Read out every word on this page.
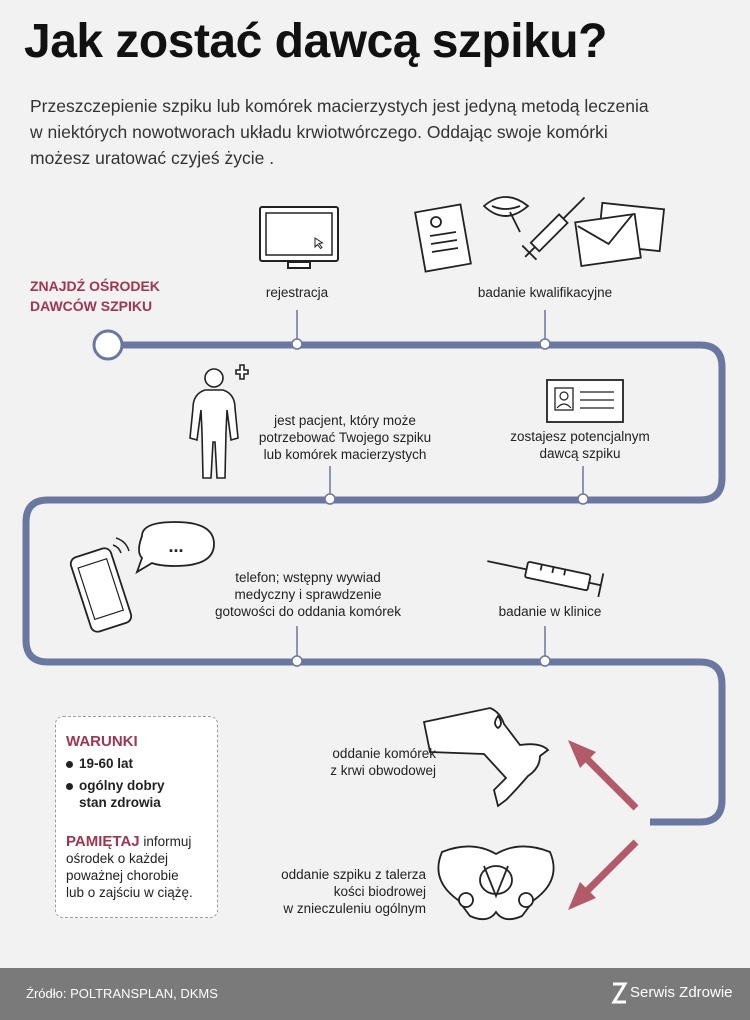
Jak zostać dawcą szpiku?
Przeszczepienie szpiku lub komórek macierzystych jest jedyną metodą leczenia
w niektórych nowotworach układu krwiotwórczego. Oddając swoje komórki
możesz uratować czyjeś życie .
...
ZNAJDŹ OŚRODEK
DAWCÓW SZPIKU
rejestracja	badanie kwalifikacyjne
jest pacjent, który może
potrzebować Twojego szpiku
lub komórek macierzystych
zostajesz potencjalnym
dawcą szpiku
telefon; wstępny wywiad
medyczny i sprawdzenie
gotowości do oddania komórek	badanie w klinice
oddanie komórek
z krwi obwodowej
oddanie szpiku z talerza
kości biodrowej
w znieczuleniu ogólnym
WARUNKI
19-60 lat
ogólny dobry
stan zdrowia
PAMIĘTAJ informuj
ośrodek o każdej
poważnej chorobie
lub o zajściu w ciążę.
Źródło: POLTRANSPLAN, DKMS	Serwis Zdrowie
